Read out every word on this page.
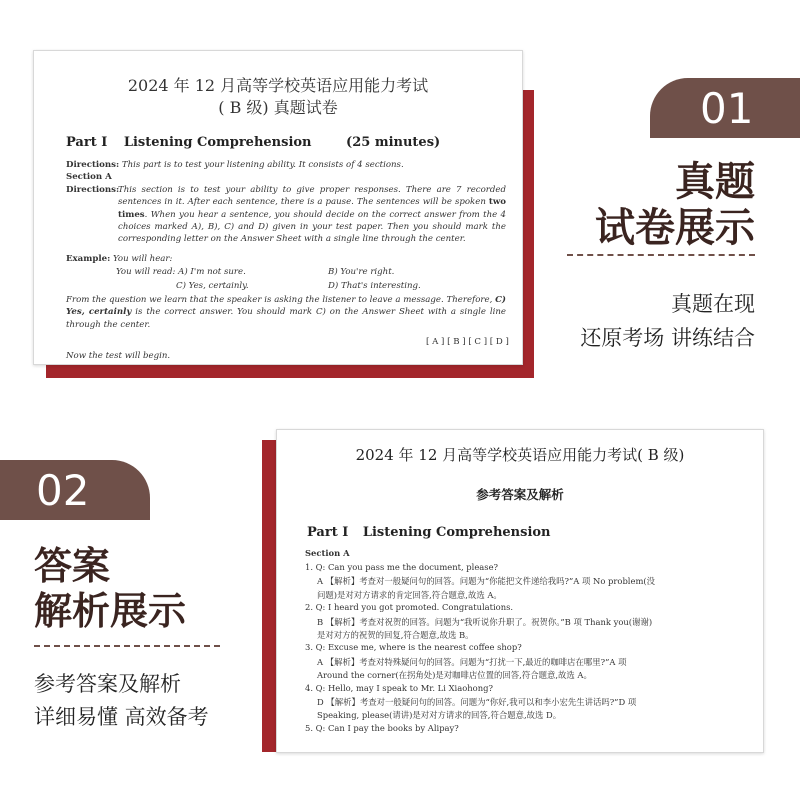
2024 年 12 月高等学校英语应用能力考试
( B 级) 真题试卷
Part Ⅰ Listening Comprehension	(25 minutes)
Directions: This part is to test your listening ability. It consists of 4 sections.
Section A
Directions:
This section is to test your ability to give proper responses. There are 7 recorded sentences in it. After each sentence, there is a pause. The sentences will be spoken two times. When you hear a sentence, you should decide on the correct answer from the 4 choices marked A), B), C) and D) given in your test paper. Then you should mark the corresponding letter on the Answer Sheet with a single line through the center.
Example: You will hear:
You will read: A) I'm not sure.	B) You're right.
C) Yes, certainly.	D) That's interesting.
From the question we learn that the speaker is asking the listener to leave a message. Therefore, C) Yes, certainly is the correct answer. You should mark C) on the Answer Sheet with a single line through the center.
[ A ] [ B ] [ C ] [ D ]
Now the test will begin.
01
真题
试卷展示
真题在现
还原考场 讲练结合
2024 年 12 月高等学校英语应用能力考试( B 级)
参考答案及解析
Part Ⅰ Listening Comprehension
Section A
1. Q: Can you pass me the document, please?
A 【解析】考查对一般疑问句的回答。问题为“你能把文件递给我吗?”A 项 No problem(没
问题)是对对方请求的肯定回答,符合题意,故选 A。
2. Q: I heard you got promoted. Congratulations.
B 【解析】考查对祝贺的回答。问题为“我听说你升职了。祝贺你。”B 项 Thank you(谢谢)
是对对方的祝贺的回复,符合题意,故选 B。
3. Q: Excuse me, where is the nearest coffee shop?
A 【解析】考查对特殊疑问句的回答。问题为“打扰一下,最近的咖啡店在哪里?”A 项
Around the corner(在拐角处)是对咖啡店位置的回答,符合题意,故选 A。
4. Q: Hello, may I speak to Mr. Li Xiaohong?
D 【解析】考查对一般疑问句的回答。问题为“你好,我可以和李小宏先生讲话吗?”D 项
Speaking, please(请讲)是对对方请求的回答,符合题意,故选 D。
5. Q: Can I pay the books by Alipay?
02
答案
解析展示
参考答案及解析
详细易懂 高效备考
